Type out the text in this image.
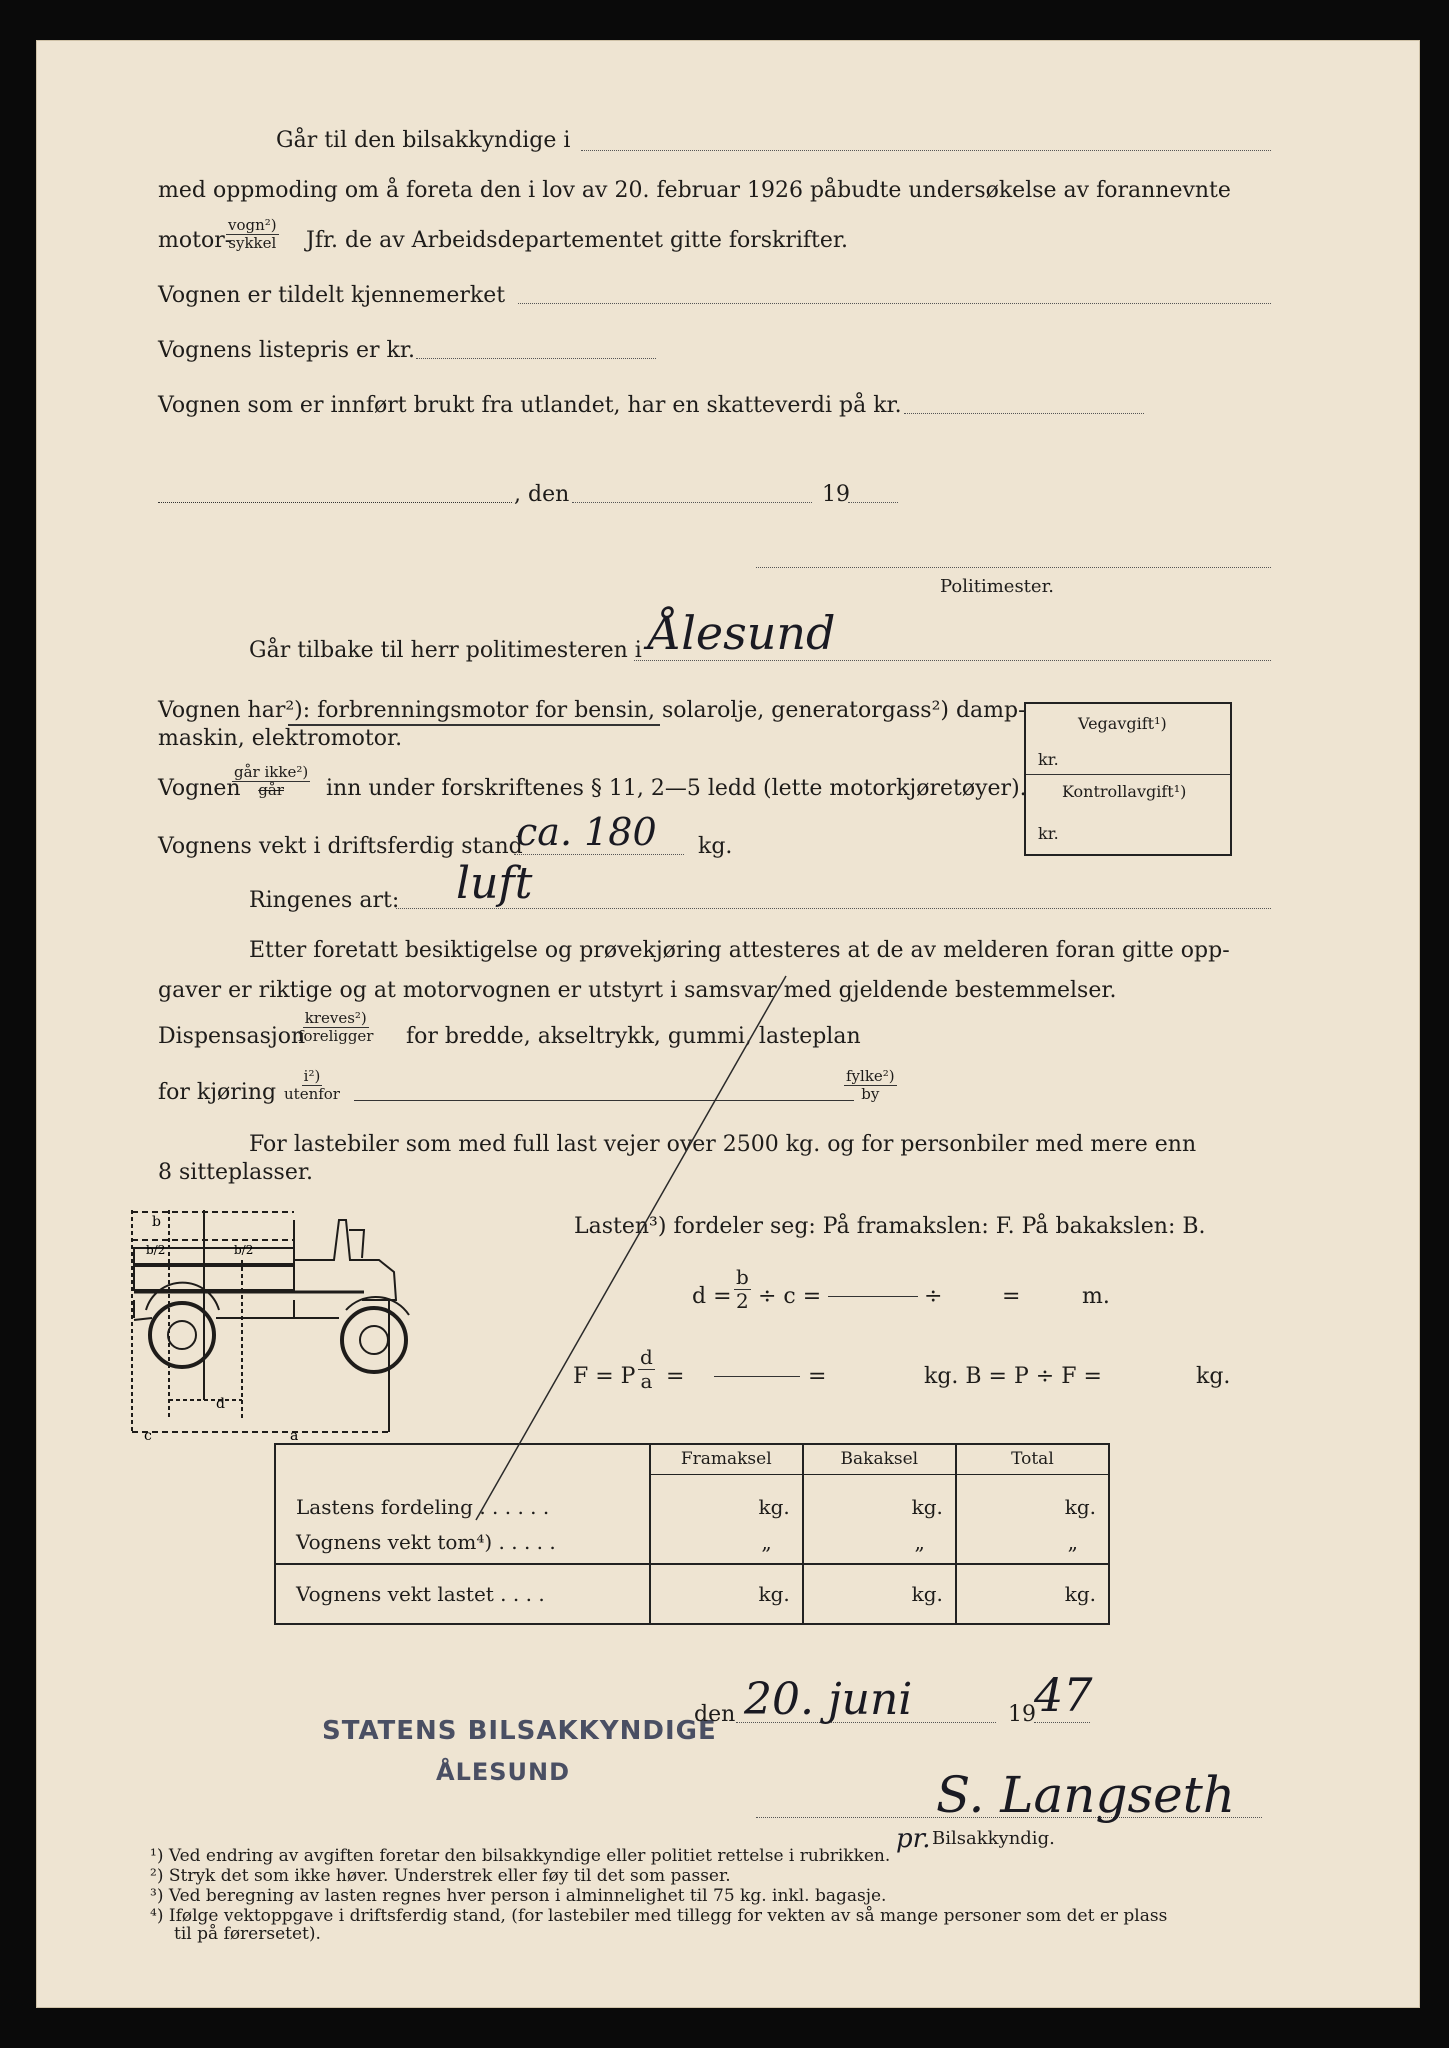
Går til den bilsakkyndige i
med oppmoding om å foreta den i lov av 20. februar 1926 påbudte undersøkelse av forannevnte
motor-
vogn²)
sykkel Jfr. de av Arbeidsdepartementet gitte forskrifter.
Vognen er tildelt kjennemerket
Vognens listepris er kr.
Vognen som er innført brukt fra utlandet, har en skatteverdi på kr.
, den	19
Politimester.
Går tilbake til herr politimesteren i Ålesund
Vognen har²): forbrenningsmotor for bensin, solarolje, generatorgass²) damp-
maskin, elektromotor.
Vognen
går ikke²)
går inn under forskriftenes § 11, 2—5 ledd (lette motorkjøretøyer).
Vognens vekt i driftsferdig stand
ca. 180 kg.
Ringenes art: luft
Vegavgift¹)
kr.
Kontrollavgift¹)
kr.
Etter foretatt besiktigelse og prøvekjøring attesteres at de av melderen foran gitte opp-
gaver er riktige og at motorvognen er utstyrt i samsvar med gjeldende bestemmelser.
Dispensasjon
kreves²)
foreligger for bredde, akseltrykk, gummi, lasteplan
for kjøring
i²)
utenfor
fylke²)
by
For lastebiler som med full last vejer over 2500 kg. og for personbiler med mere enn
8 sitteplasser.
b
b/2	b/2
d
c	a
Lasten³) fordeler seg: På framakslen: F. På bakakslen: B.
$d = \frac{b}{2} \div c$ =	÷	=	m.
F = P $\frac{d}{a}$ =	=	kg. B = P ÷ F =	kg.
	Framaksel	Bakaksel	Total
Lastens fordeling . . . . . .	kg.	kg.	kg.
Vognens vekt tom⁴) . . . . .	„	„	„
Vognens vekt lastet . . . .	kg.	kg.	kg.
STATENS BILSAKKYNDIGE
ÅLESUND
den 20. juni	19
47
S. Langseth
pr. Bilsakkyndig.
¹) Ved endring av avgiften foretar den bilsakkyndige eller politiet rettelse i rubrikken.
²) Stryk det som ikke høver. Understrek eller føy til det som passer.
³) Ved beregning av lasten regnes hver person i alminnelighet til 75 kg. inkl. bagasje.
⁴) Ifølge vektoppgave i driftsferdig stand, (for lastebiler med tillegg for vekten av så mange personer som det er plass
til på førersetet).
